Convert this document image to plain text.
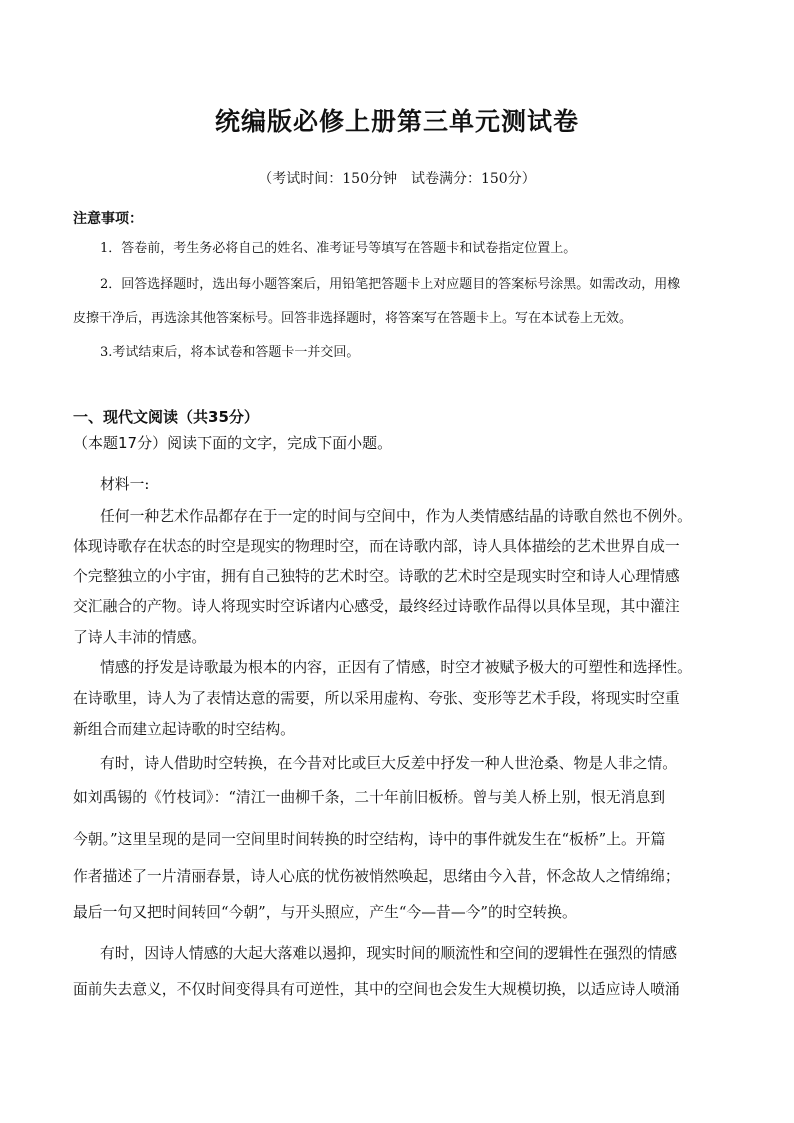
统编版必修上册第三单元测试卷

（考试时间：150分钟　试卷满分：150分）

注意事项：
1．答卷前，考生务必将自己的姓名、准考证号等填写在答题卡和试卷指定位置上。
2．回答选择题时，选出每小题答案后，用铅笔把答题卡上对应题目的答案标号涂黑。如需改动，用橡
皮擦干净后，再选涂其他答案标号。回答非选择题时，将答案写在答题卡上。写在本试卷上无效。
3.考试结束后，将本试卷和答题卡一并交回。
一、现代文阅读（共35分）
（本题17分）阅读下面的文字，完成下面小题。
材料一:
任何一种艺术作品都存在于一定的时间与空间中，作为人类情感结晶的诗歌自然也不例外。
体现诗歌存在状态的时空是现实的物理时空，而在诗歌内部，诗人具体描绘的艺术世界自成一
个完整独立的小宇宙，拥有自己独特的艺术时空。诗歌的艺术时空是现实时空和诗人心理情感
交汇融合的产物。诗人将现实时空诉诸内心感受，最终经过诗歌作品得以具体呈现，其中灌注
了诗人丰沛的情感。
情感的抒发是诗歌最为根本的内容，正因有了情感，时空才被赋予极大的可塑性和选择性。
在诗歌里，诗人为了表情达意的需要，所以采用虚构、夸张、变形等艺术手段，将现实时空重
新组合而建立起诗歌的时空结构。
有时，诗人借助时空转换，在今昔对比或巨大反差中抒发一种人世沧桑、物是人非之情。
如刘禹锡的《竹枝词》：“清江一曲柳千条，二十年前旧板桥。曾与美人桥上别，恨无消息到
今朝。”这里呈现的是同一空间里时间转换的时空结构，诗中的事件就发生在“板桥”上。开篇
作者描述了一片清丽春景，诗人心底的忧伤被悄然唤起，思绪由今入昔，怀念故人之情绵绵；
最后一句又把时间转回“今朝”，与开头照应，产生“今—昔—今”的时空转换。
有时，因诗人情感的大起大落难以遏抑，现实时间的顺流性和空间的逻辑性在强烈的情感
面前失去意义，不仅时间变得具有可逆性，其中的空间也会发生大规模切换，以适应诗人喷涌
